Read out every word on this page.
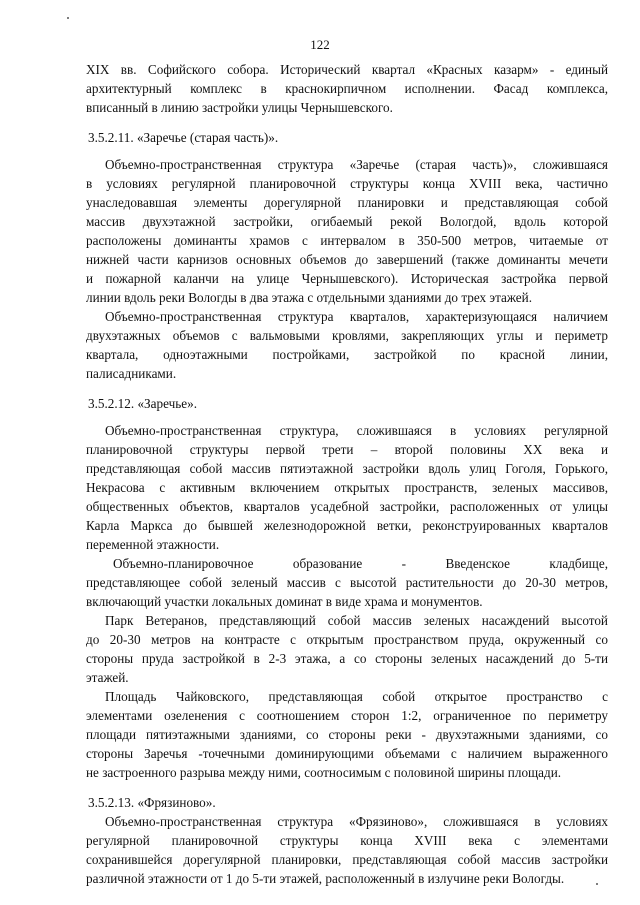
122
XIX вв. Софийского собора. Исторический квартал «Красных казарм» - единый
архитектурный комплекс в краснокирпичном исполнении. Фасад комплекса,
вписанный в линию застройки улицы Чернышевского.
3.5.2.11. «Заречье (старая часть)».
Объемно-пространственная структура «Заречье (старая часть)», сложившаяся
в условиях регулярной планировочной структуры конца XVIII века, частично
унаследовавшая элементы дорегулярной планировки и представляющая собой
массив двухэтажной застройки, огибаемый рекой Вологдой, вдоль которой
расположены доминанты храмов с интервалом в 350-500 метров, читаемые от
нижней части карнизов основных объемов до завершений (также доминанты мечети
и пожарной каланчи на улице Чернышевского). Историческая застройка первой
линии вдоль реки Вологды в два этажа с отдельными зданиями до трех этажей.
Объемно-пространственная структура кварталов, характеризующаяся наличием
двухэтажных объемов с вальмовыми кровлями, закрепляющих углы и периметр
квартала, одноэтажными постройками, застройкой по красной линии,
палисадниками.
3.5.2.12. «Заречье».
Объемно-пространственная структура, сложившаяся в условиях регулярной
планировочной структуры первой трети – второй половины XX века и
представляющая собой массив пятиэтажной застройки вдоль улиц Гоголя, Горького,
Некрасова с активным включением открытых пространств, зеленых массивов,
общественных объектов, кварталов усадебной застройки, расположенных от улицы
Карла Маркса до бывшей железнодорожной ветки, реконструированных кварталов
переменной этажности.
Объемно-планировочное образование - Введенское кладбище,
представляющее собой зеленый массив с высотой растительности до 20-30 метров,
включающий участки локальных доминат в виде храма и монументов.
Парк Ветеранов, представляющий собой массив зеленых насаждений высотой
до 20-30 метров на контрасте с открытым пространством пруда, окруженный со
стороны пруда застройкой в 2-3 этажа, а со стороны зеленых насаждений до 5-ти
этажей.
Площадь Чайковского, представляющая собой открытое пространство с
элементами озеленения с соотношением сторон 1:2, ограниченное по периметру
площади пятиэтажными зданиями, со стороны реки - двухэтажными зданиями, со
стороны Заречья -точечными доминирующими объемами с наличием выраженного
не застроенного разрыва между ними, соотносимым с половиной ширины площади.
3.5.2.13. «Фрязиново».
Объемно-пространственная структура «Фрязиново», сложившаяся в условиях
регулярной планировочной структуры конца XVIII века с элементами
сохранившейся дорегулярной планировки, представляющая собой массив застройки
различной этажности от 1 до 5-ти этажей, расположенный в излучине реки Вологды.
